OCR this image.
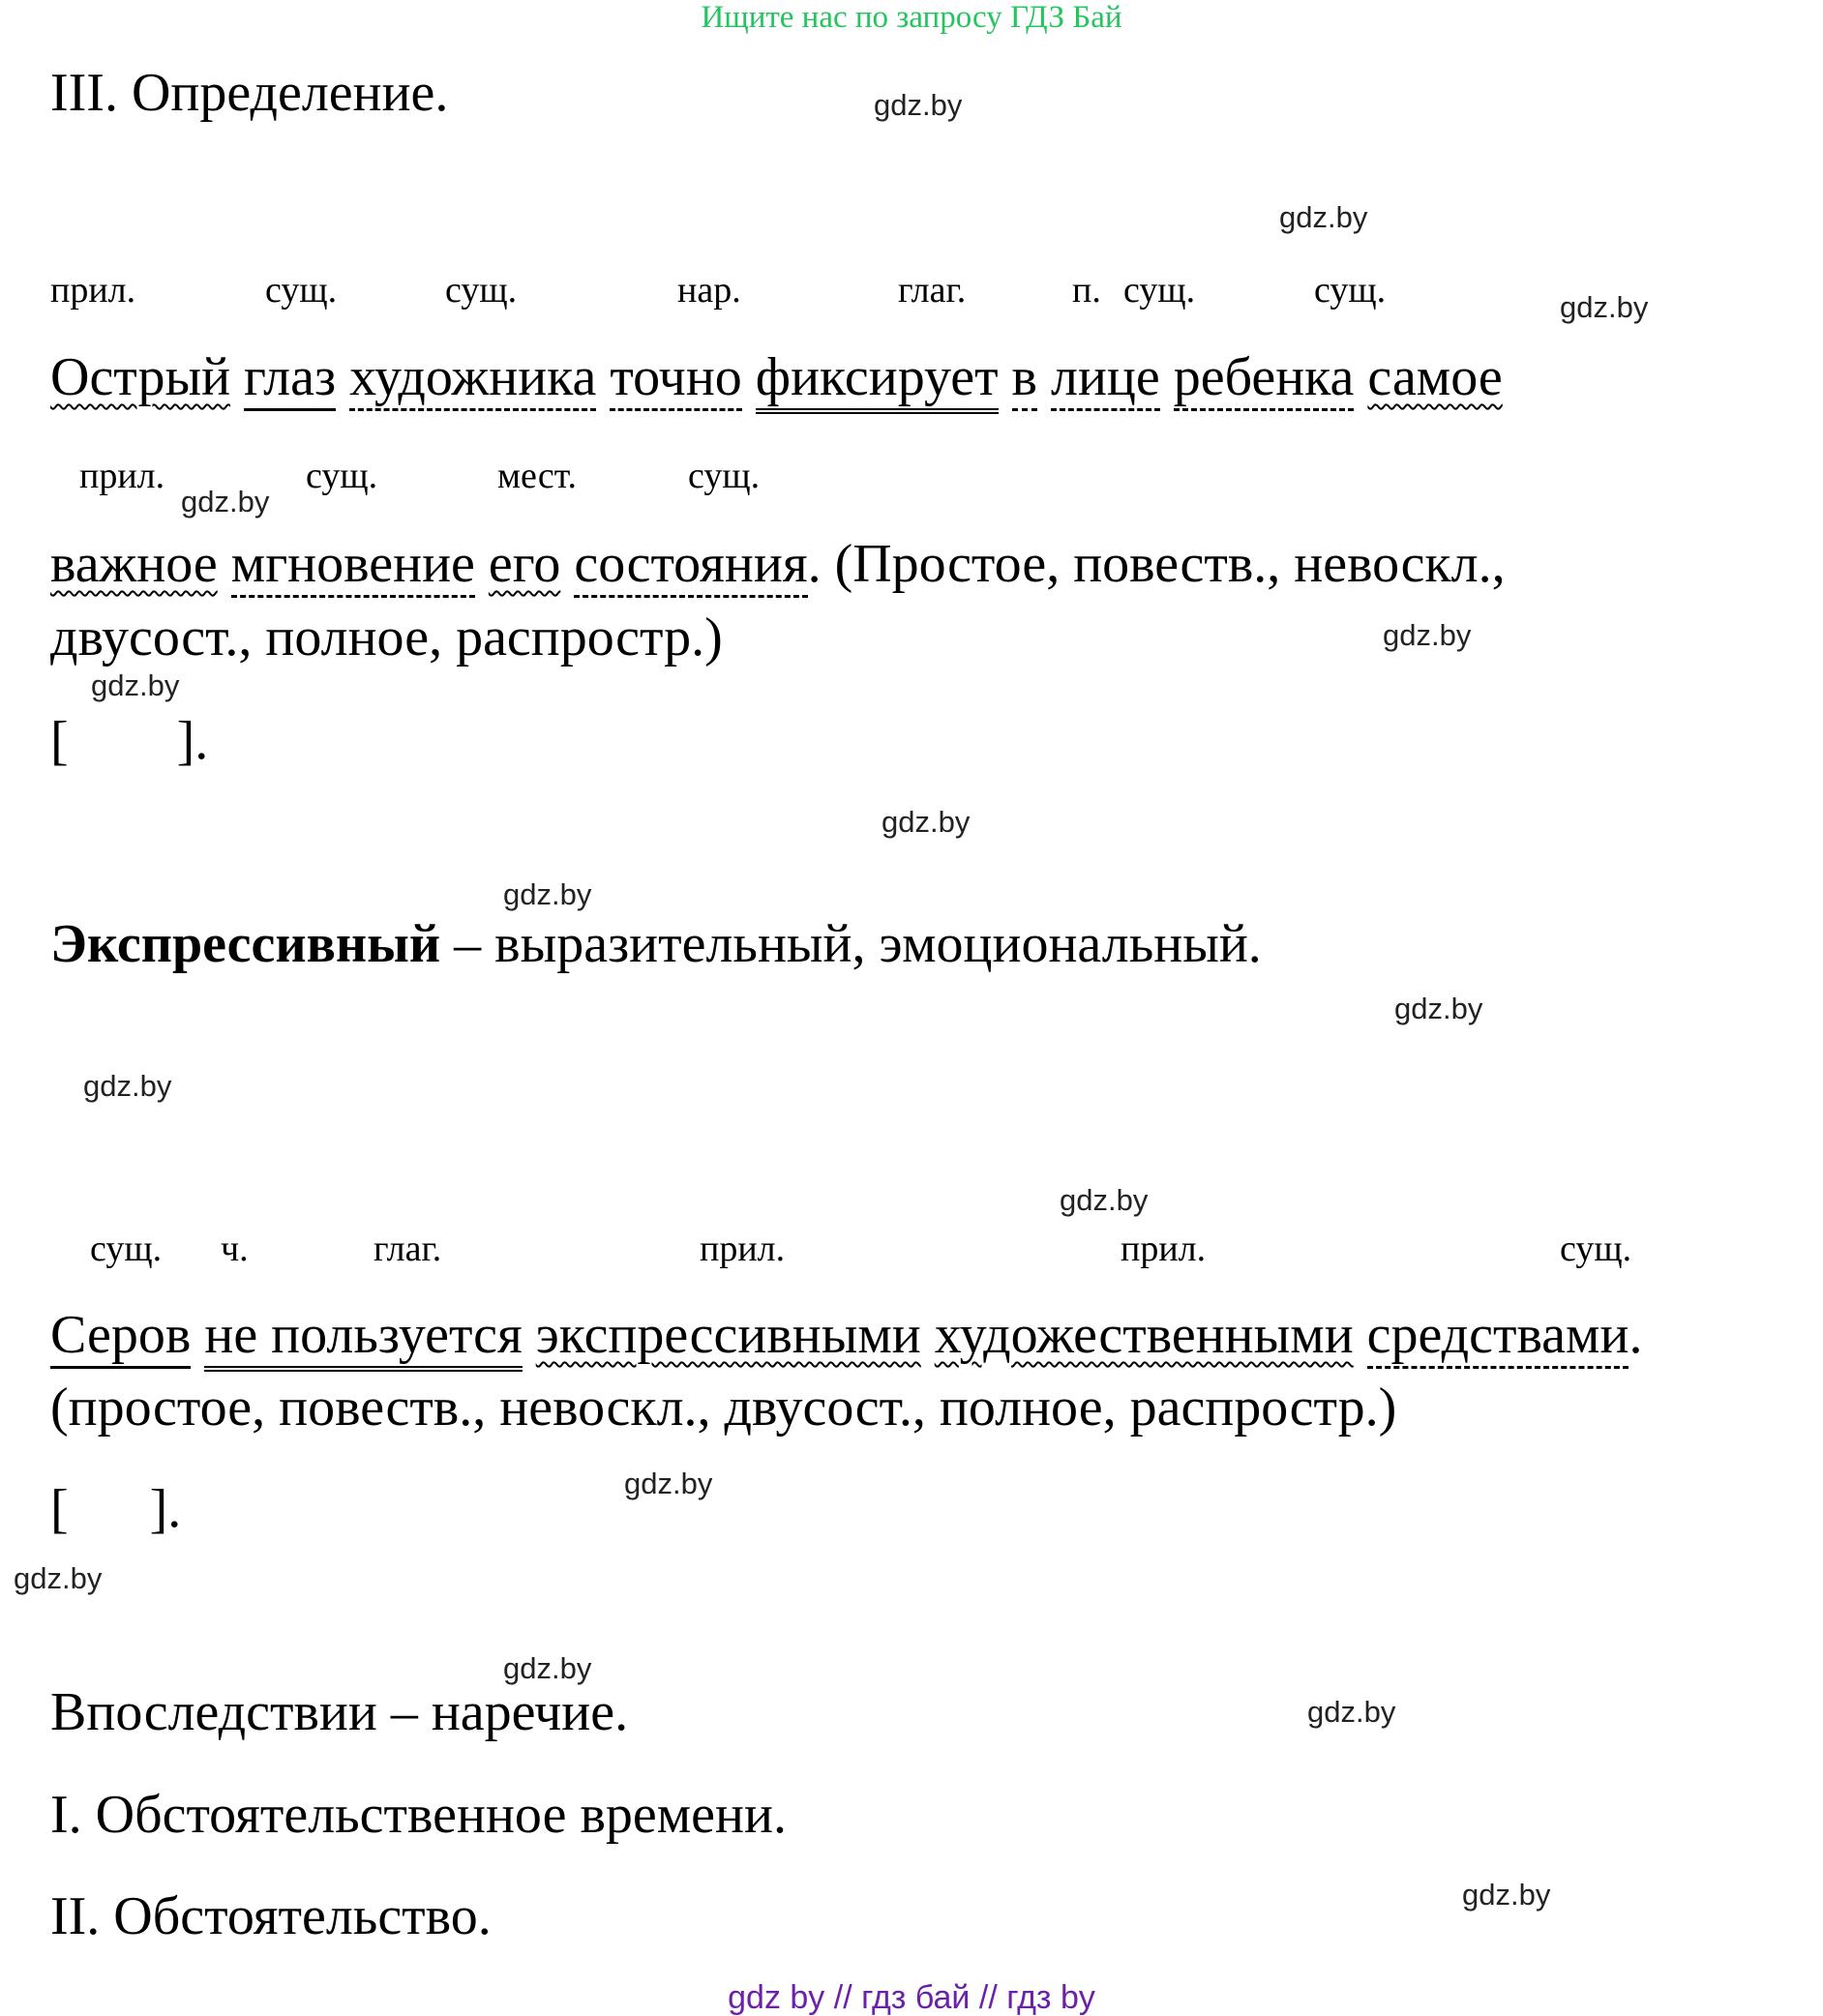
Ищите нас по запросу ГДЗ Бай
III. Определение.	gdz.by
gdz.by
gdz.by
gdz.by
gdz.by
gdz.by
gdz.by
gdz.by
gdz.by
gdz.by
gdz.by
gdz.by
gdz.by
gdz.by
gdz.by
gdz.by
прил.	сущ.	сущ.	нар.	глаг.	п. сущ.	сущ.
Острый глаз художника точно фиксирует в лице ребенка самое
прил.	сущ.	мест.	сущ.
важное мгновение его состояния. (Простое, повеств., невоскл.,
двусост., полное, распростр.)
[        ].
Экспрессивный – выразительный, эмоциональный.
сущ. ч.	глаг.	прил.	прил.	сущ.
Серов не пользуется экспрессивными художественными средствами.
(простое, повеств., невоскл., двусост., полное, распростр.)
[      ].
Впоследствии – наречие.
I. Обстоятельственное времени.
II. Обстоятельство.
gdz by // гдз бай // гдз by
